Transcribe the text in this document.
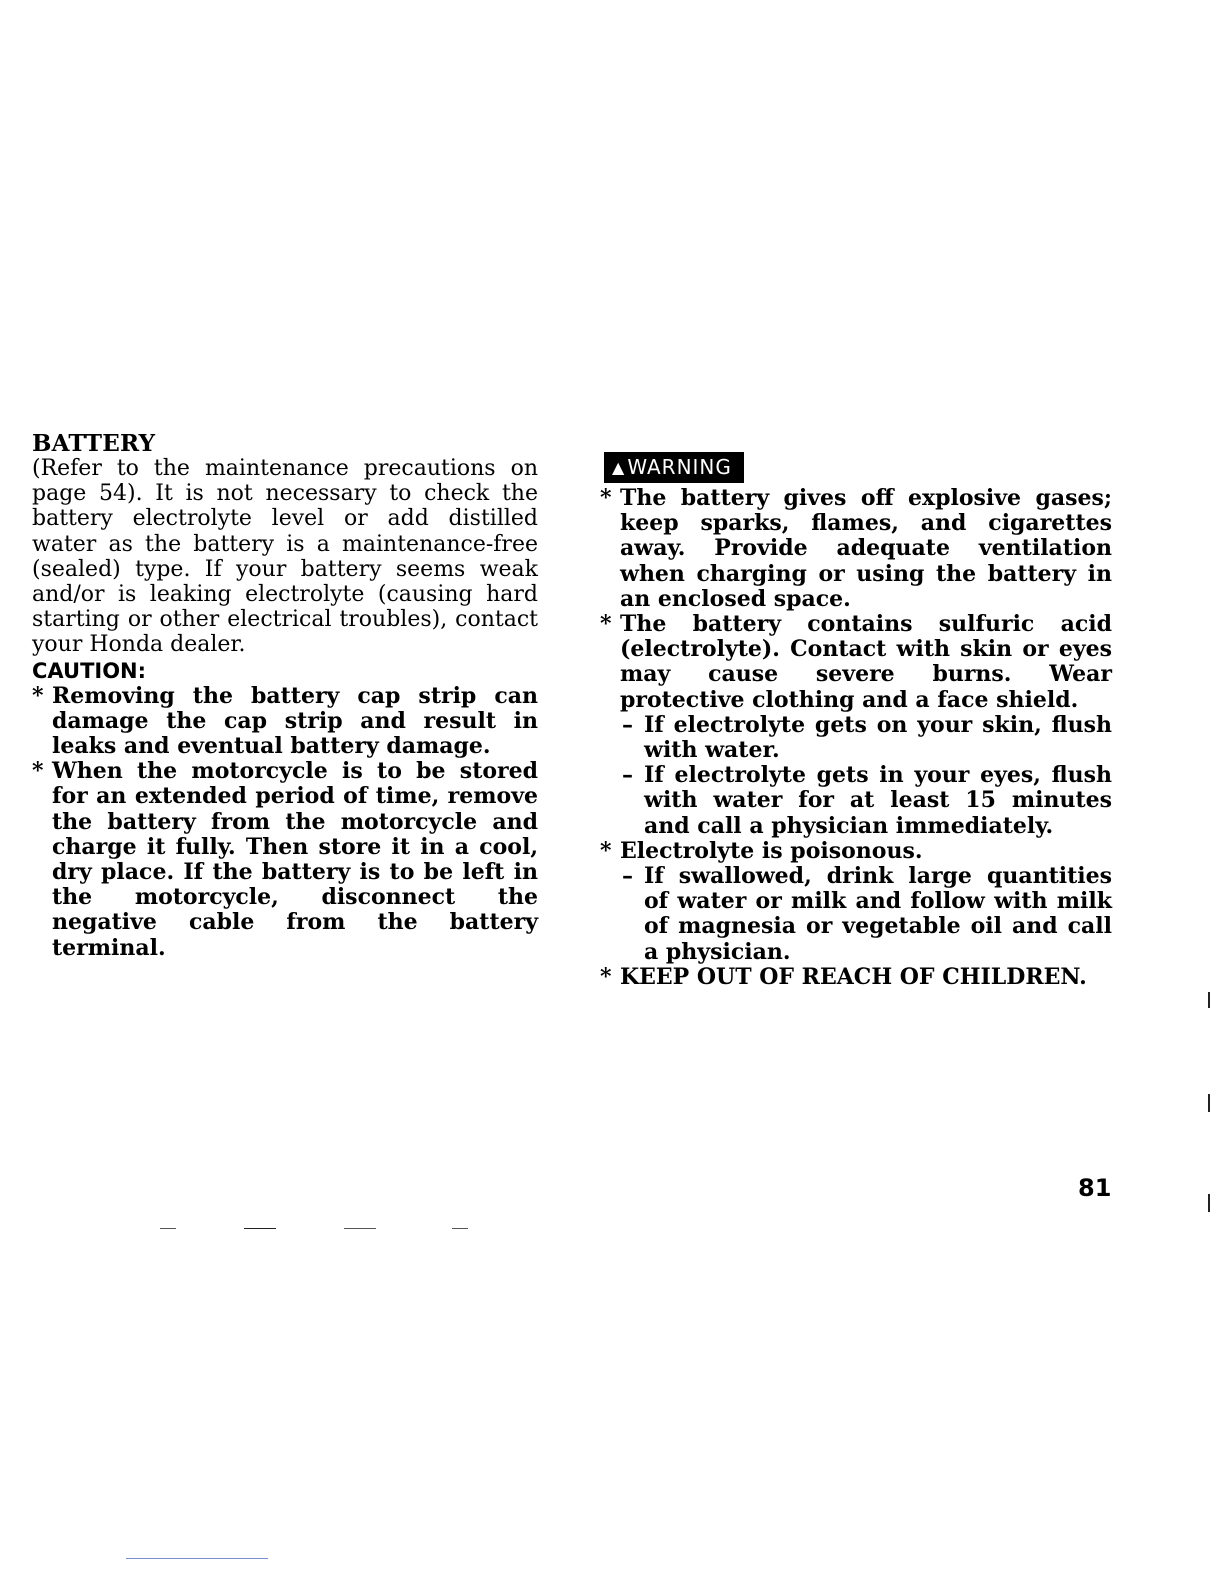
BATTERY

(Refer to the maintenance precautions on page 54). It is not necessary to check the battery electrolyte level or add distilled water as the battery is a maintenance-free (sealed) type. If your battery seems weak and/or is leaking electrolyte (causing hard starting or other electrical troubles), contact your Honda dealer.

CAUTION:

* Removing the battery cap strip can damage the cap strip and result in leaks and eventual battery damage.
* When the motorcycle is to be stored for an extended period of time, remove the battery from the motorcycle and charge it fully. Then store it in a cool, dry place. If the battery is to be left in the motorcycle, disconnect the negative cable from the battery terminal.
▲ WARNING
* The battery gives off explosive gases; keep sparks, flames, and cigarettes away. Provide adequate ventilation when charging or using the battery in an enclosed space.
* The battery contains sulfuric acid (electrolyte). Contact with skin or eyes may cause severe burns. Wear protective clothing and a face shield.
– If electrolyte gets on your skin, flush with water.
– If electrolyte gets in your eyes, flush with water for at least 15 minutes and call a physician immediately.
* Electrolyte is poisonous.
– If swallowed, drink large quantities of water or milk and follow with milk of magnesia or vegetable oil and call a physician.
* KEEP OUT OF REACH OF CHILDREN.
81
